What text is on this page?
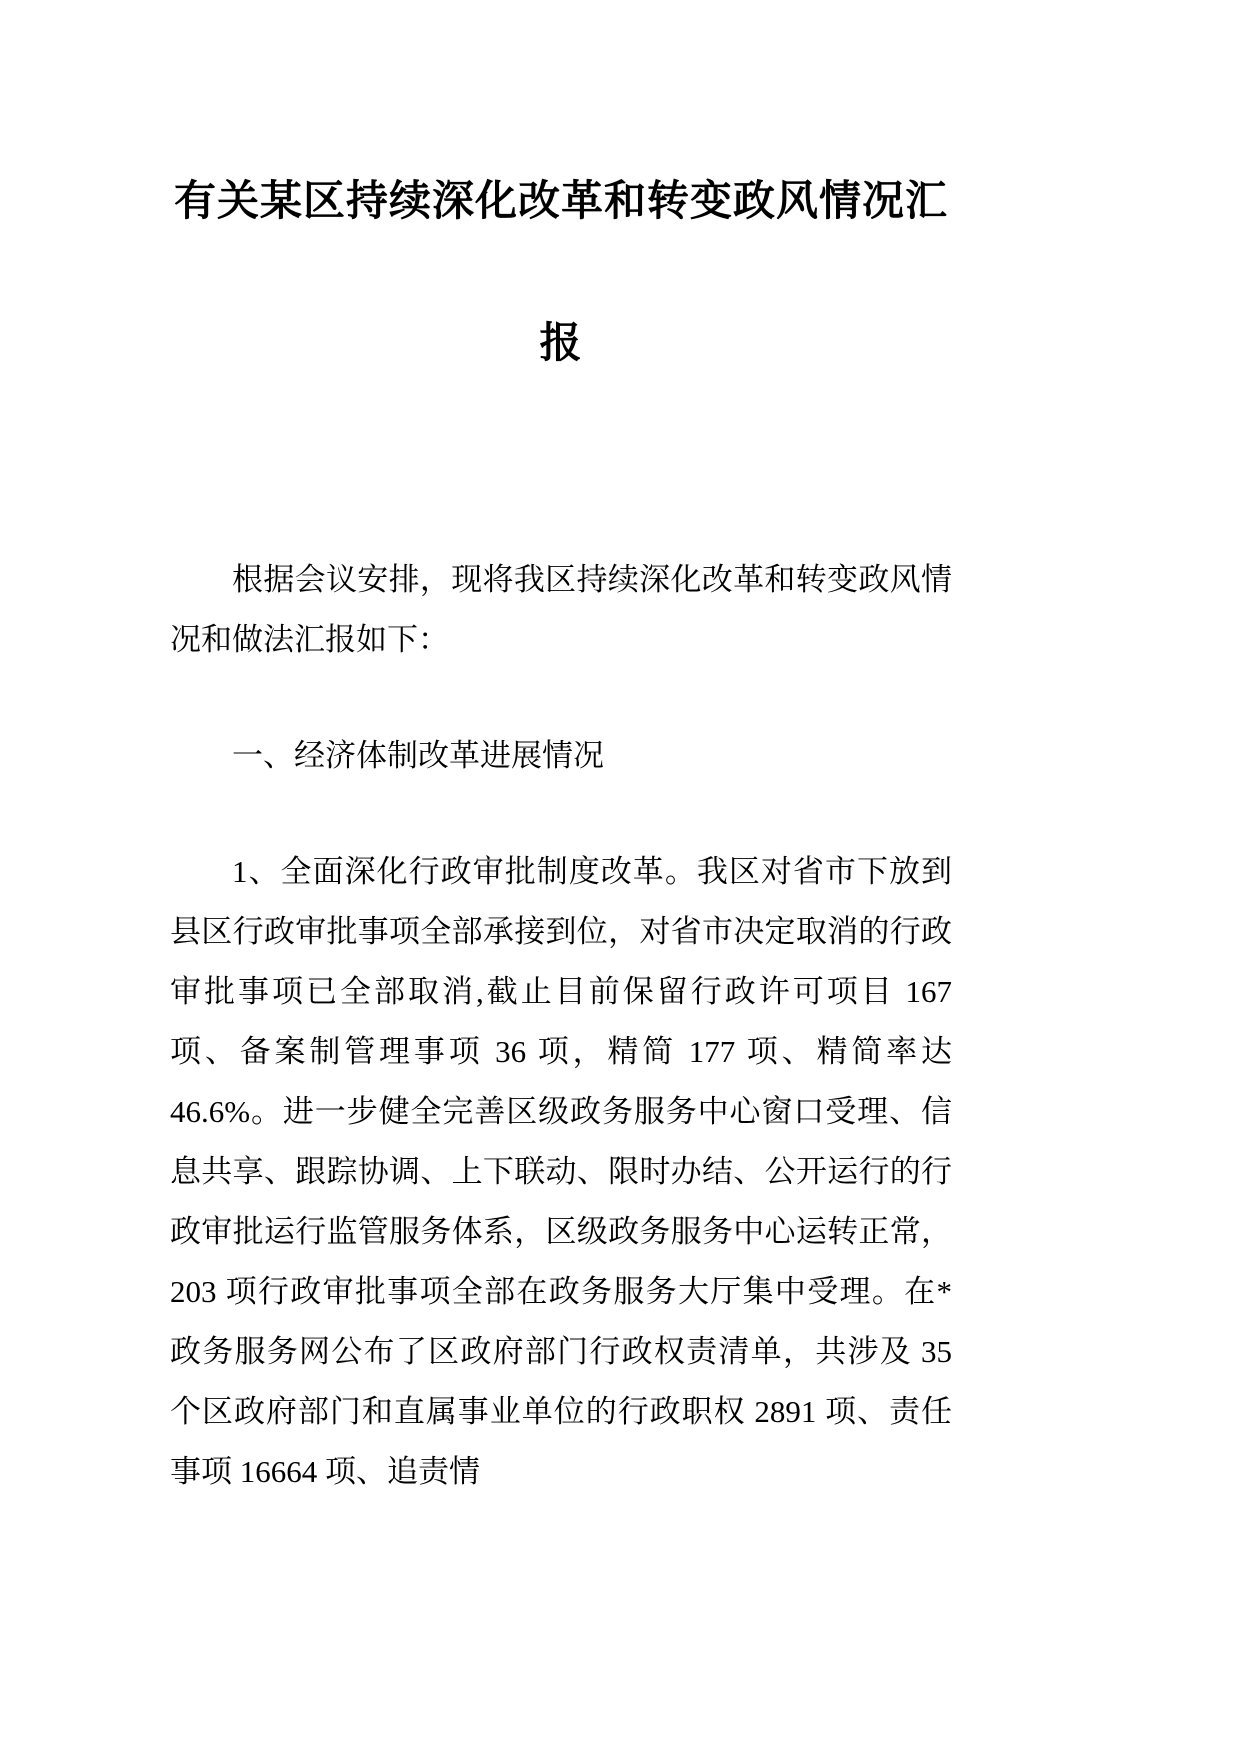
有关某区持续深化改革和转变政风情况汇报

根据会议安排，现将我区持续深化改革和转变政风情况和做法汇报如下：

一、经济体制改革进展情况

1、全面深化行政审批制度改革。我区对省市下放到县区行政审批事项全部承接到位，对省市决定取消的行政审批事项已全部取消,截止目前保留行政许可项目 167 项、备案制管理事项 36 项，精简 177 项、精简率达 46.6%。进一步健全完善区级政务服务中心窗口受理、信息共享、跟踪协调、上下联动、限时办结、公开运行的行政审批运行监管服务体系，区级政务服务中心运转正常，203 项行政审批事项全部在政务服务大厅集中受理。在*政务服务网公布了区政府部门行政权责清单，共涉及 35 个区政府部门和直属事业单位的行政职权 2891 项、责任事项 16664 项、追责情
